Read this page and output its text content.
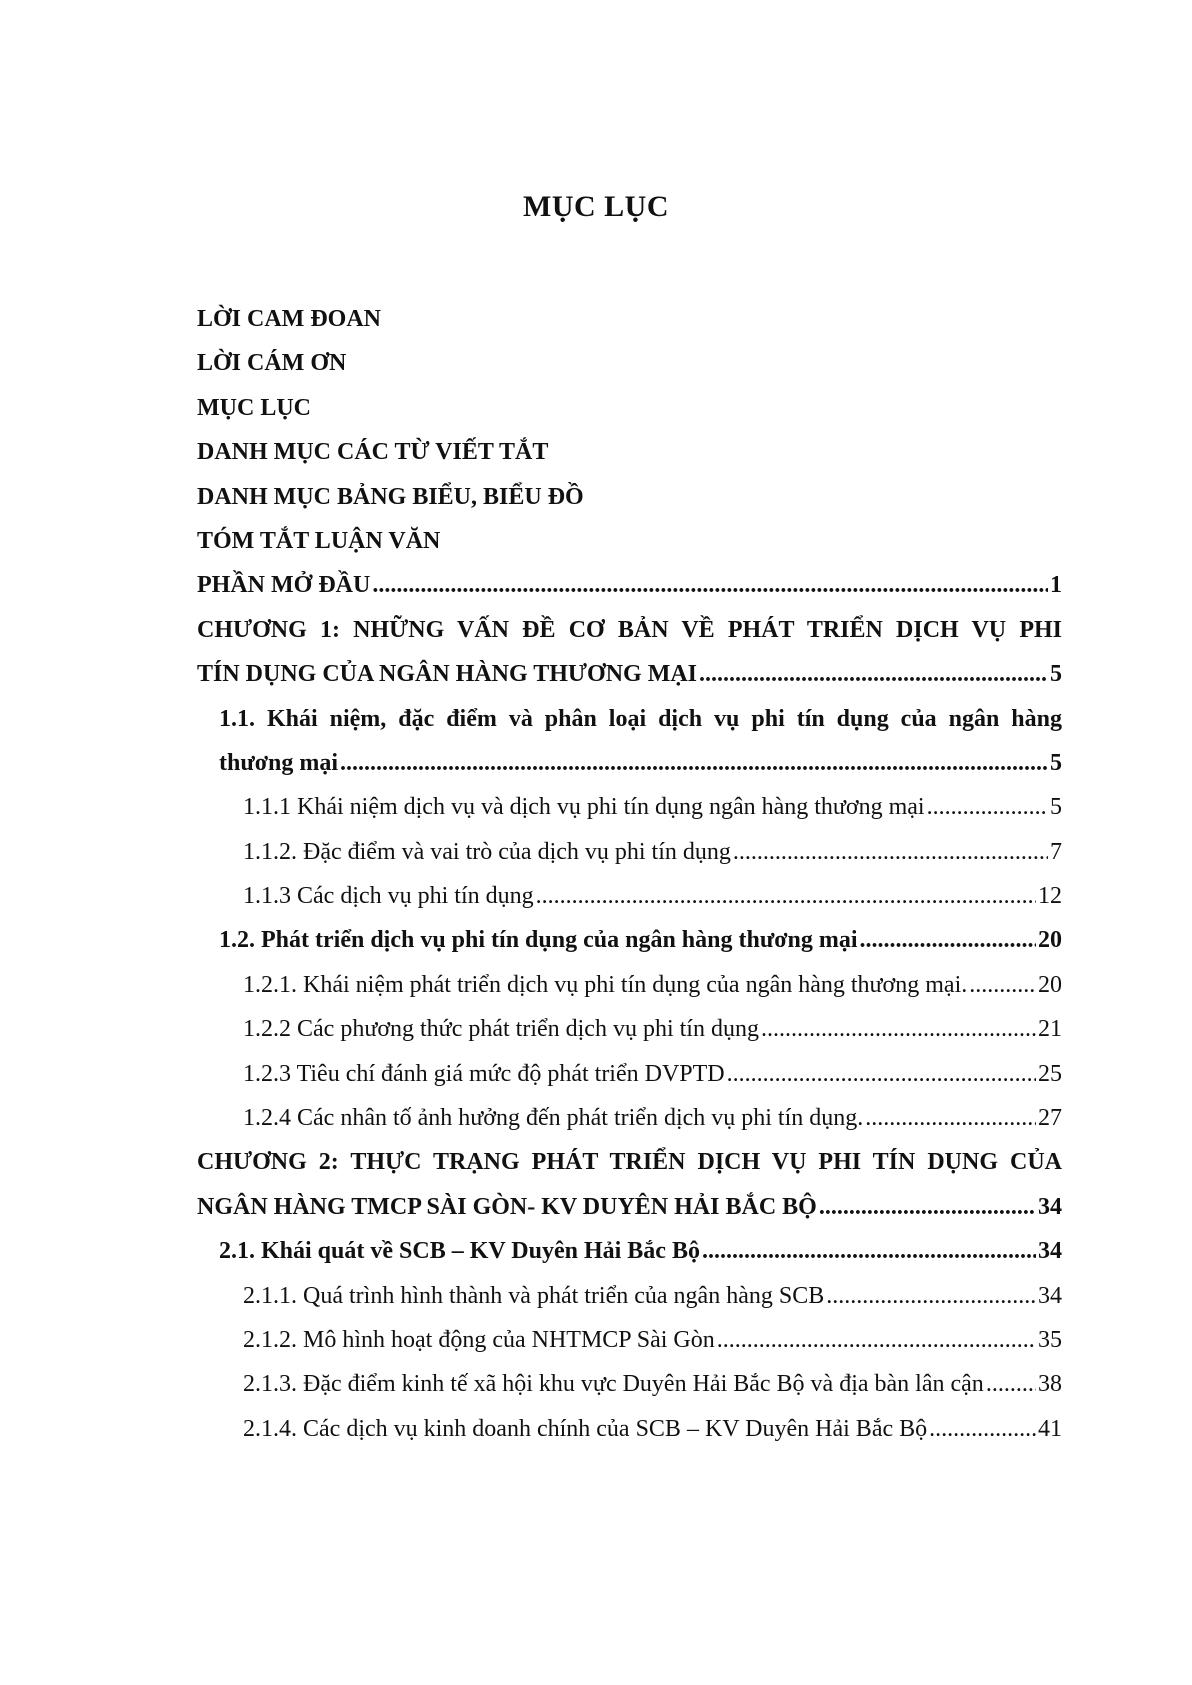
MỤC LỤC
LỜI CAM ĐOAN
LỜI CÁM ƠN
MỤC LỤC
DANH MỤC CÁC TỪ VIẾT TẮT
DANH MỤC BẢNG BIỂU, BIỂU ĐỒ
TÓM TẮT LUẬN VĂN
PHẦN MỞ ĐẦU .....	1
CHƯƠNG 1: NHỮNG VẤN ĐỀ CƠ BẢN VỀ PHÁT TRIỂN DỊCH VỤ PHI
TÍN DỤNG CỦA NGÂN HÀNG THƯƠNG MẠI .....	5
1.1. Khái niệm, đặc điểm và phân loại dịch vụ phi tín dụng của ngân hàng
thương mại .....	5
1.1.1 Khái niệm dịch vụ và dịch vụ phi tín dụng ngân hàng thương mại .....	5
1.1.2. Đặc điểm và vai trò của dịch vụ phi tín dụng .....	7
1.1.3 Các dịch vụ phi tín dụng .....	12
1.2. Phát triển dịch vụ phi tín dụng của ngân hàng thương mại .....	20
1.2.1. Khái niệm phát triển dịch vụ phi tín dụng của ngân hàng thương mại. .....	20
1.2.2 Các phương thức phát triển dịch vụ phi tín dụng .....	21
1.2.3 Tiêu chí đánh giá mức độ phát triển DVPTD .....	25
1.2.4 Các nhân tố ảnh hưởng đến phát triển dịch vụ phi tín dụng. .....	27
CHƯƠNG 2: THỰC TRẠNG PHÁT TRIỂN DỊCH VỤ PHI TÍN DỤNG CỦA
NGÂN HÀNG TMCP SÀI GÒN- KV DUYÊN HẢI BẮC BỘ .....	34
2.1. Khái quát về SCB – KV Duyên Hải Bắc Bộ .....	34
2.1.1. Quá trình hình thành và phát triển của ngân hàng SCB .....	34
2.1.2. Mô hình hoạt động của NHTMCP Sài Gòn .....	35
2.1.3. Đặc điểm kinh tế xã hội khu vực Duyên Hải Bắc Bộ và địa bàn lân cận ..... 38
2.1.4. Các dịch vụ kinh doanh chính của SCB – KV Duyên Hải Bắc Bộ .....	41
